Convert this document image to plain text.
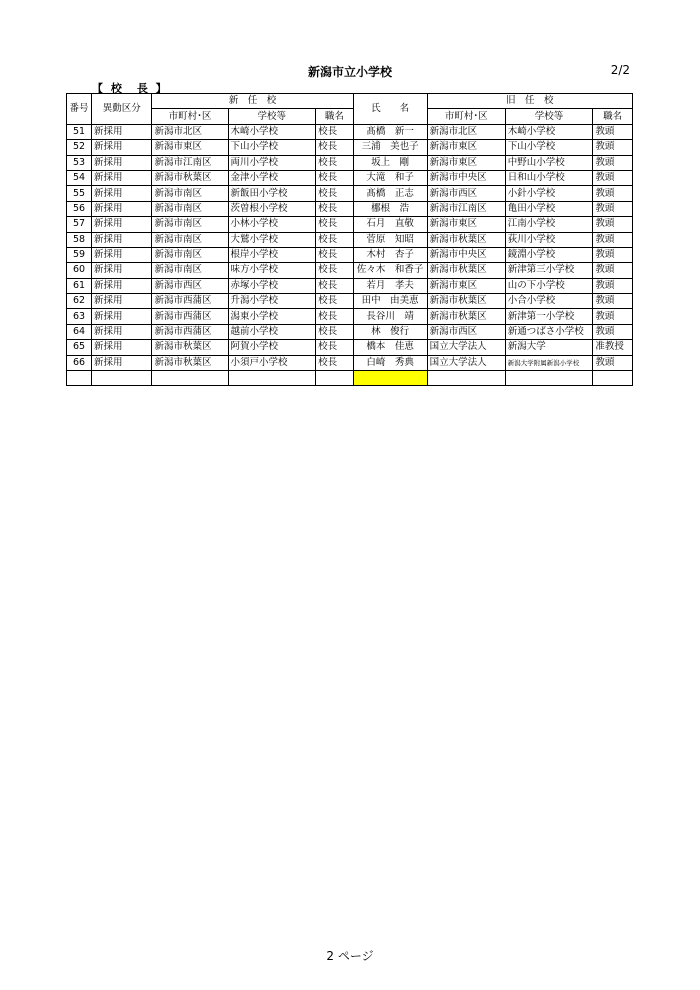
新潟市立小学校	2/2
【 校　長 】
番号	異動区分	新　任　校			氏　　名	旧　任　校		
		市町村･区	学校等	職名		市町村･区	学校等	職名
51	新採用	新潟市北区	木崎小学校	校長	髙橋　新一	新潟市北区	木崎小学校	教頭
52	新採用	新潟市東区	下山小学校	校長	三浦　美也子	新潟市東区	下山小学校	教頭
53	新採用	新潟市江南区	両川小学校	校長	坂上　剛	新潟市東区	中野山小学校	教頭
54	新採用	新潟市秋葉区	金津小学校	校長	大滝　和子	新潟市中央区	日和山小学校	教頭
55	新採用	新潟市南区	新飯田小学校	校長	髙橋　正志	新潟市西区	小針小学校	教頭
56	新採用	新潟市南区	茨曽根小学校	校長	梛根　浩	新潟市江南区	亀田小学校	教頭
57	新採用	新潟市南区	小林小学校	校長	石月　直敬	新潟市東区	江南小学校	教頭
58	新採用	新潟市南区	大鷲小学校	校長	菅原　知昭	新潟市秋葉区	荻川小学校	教頭
59	新採用	新潟市南区	根岸小学校	校長	木村　杏子	新潟市中央区	鏡淵小学校	教頭
60	新採用	新潟市南区	味方小学校	校長	佐々木　和香子	新潟市秋葉区	新津第三小学校	教頭
61	新採用	新潟市西区	赤塚小学校	校長	若月　孝夫	新潟市東区	山の下小学校	教頭
62	新採用	新潟市西蒲区	升潟小学校	校長	田中　由美恵	新潟市秋葉区	小合小学校	教頭
63	新採用	新潟市西蒲区	潟東小学校	校長	長谷川　靖	新潟市秋葉区	新津第一小学校	教頭
64	新採用	新潟市西蒲区	越前小学校	校長	林　俊行	新潟市西区	新通つばさ小学校	教頭
65	新採用	新潟市秋葉区	阿賀小学校	校長	橋本　佳恵	国立大学法人	新潟大学	准教授
66	新採用	新潟市秋葉区	小須戸小学校	校長	白崎　秀典	国立大学法人	新潟大学附属新潟小学校	教頭

2 ページ
